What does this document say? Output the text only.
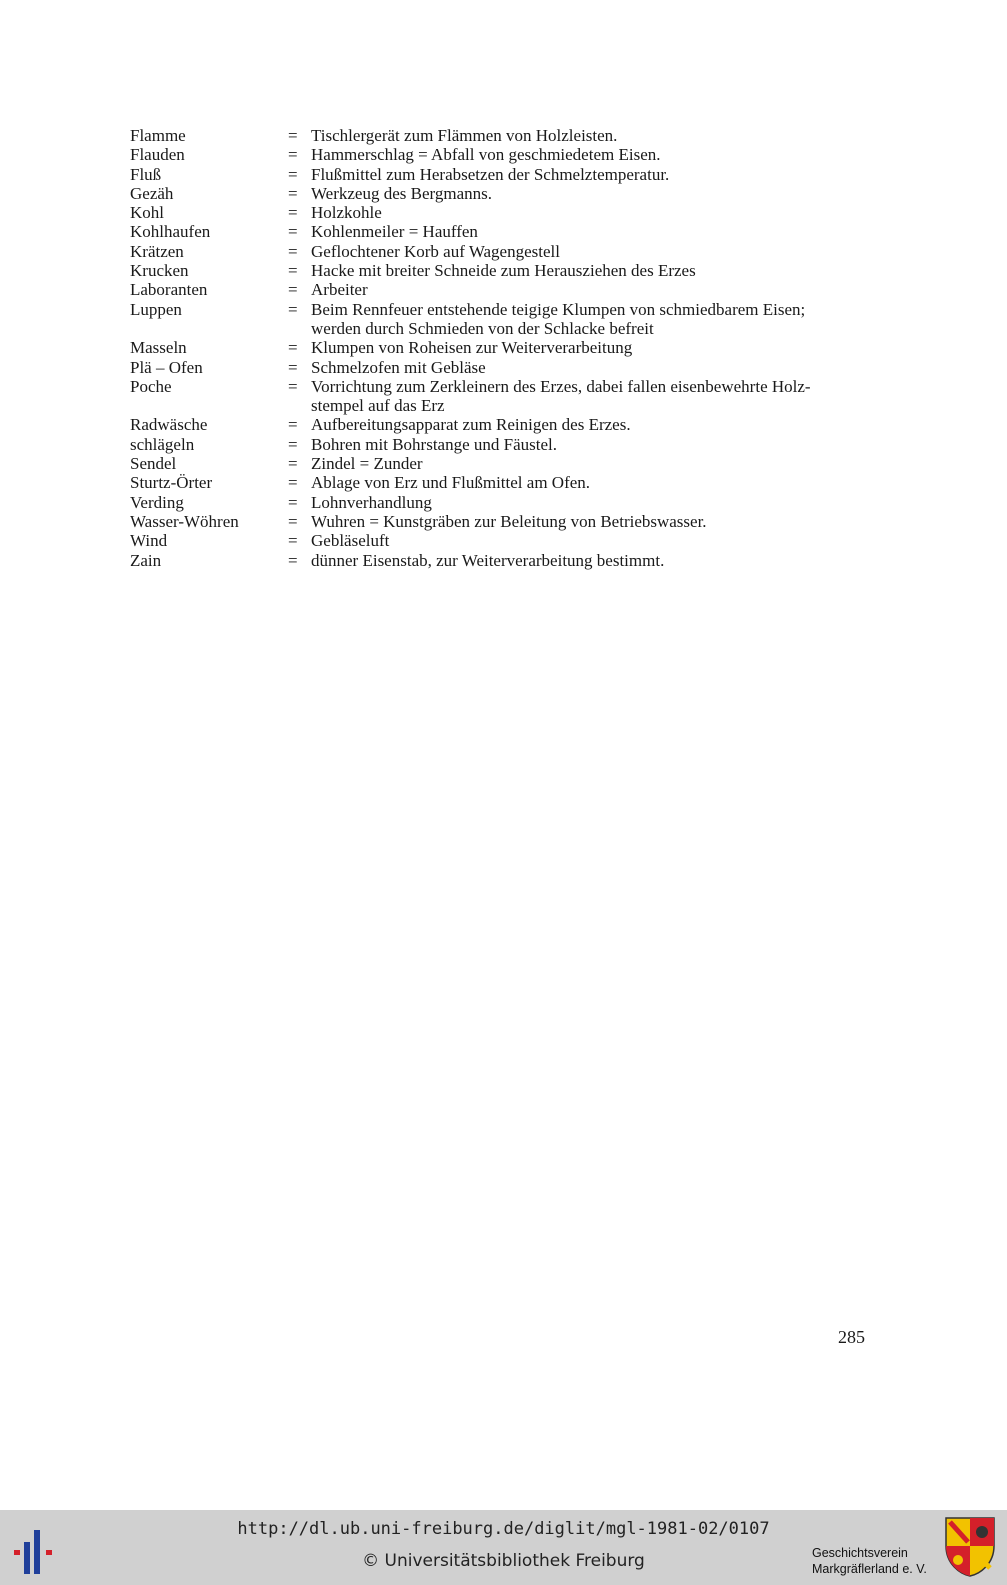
Flamme	= Tischlergerät zum Flämmen von Holzleisten.
Flauden	= Hammerschlag = Abfall von geschmiedetem Eisen.
Fluß	= Flußmittel zum Herabsetzen der Schmelztemperatur.
Gezäh	= Werkzeug des Bergmanns.
Kohl	= Holzkohle
Kohlhaufen	= Kohlenmeiler = Hauffen
Krätzen	= Geflochtener Korb auf Wagengestell
Krucken	= Hacke mit breiter Schneide zum Herausziehen des Erzes
Laboranten	= Arbeiter
Luppen	= Beim Rennfeuer entstehende teigige Klumpen von schmiedbarem Eisen;
werden durch Schmieden von der Schlacke befreit
Masseln	= Klumpen von Roheisen zur Weiterverarbeitung
Plä – Ofen	= Schmelzofen mit Gebläse
Poche	= Vorrichtung zum Zerkleinern des Erzes, dabei fallen eisenbewehrte Holz-
stempel auf das Erz
Radwäsche	= Aufbereitungsapparat zum Reinigen des Erzes.
schlägeln	= Bohren mit Bohrstange und Fäustel.
Sendel	= Zindel = Zunder
Sturtz-Örter	= Ablage von Erz und Flußmittel am Ofen.
Verding	= Lohnverhandlung
Wasser-Wöhren	= Wuhren = Kunstgräben zur Beleitung von Betriebswasser.
Wind	= Gebläseluft
Zain	= dünner Eisenstab, zur Weiterverarbeitung bestimmt.
285
http://dl.ub.uni-freiburg.de/diglit/mgl-1981-02/0107
© Universitätsbibliothek Freiburg	Geschichtsverein
Markgräflerland e. V.
